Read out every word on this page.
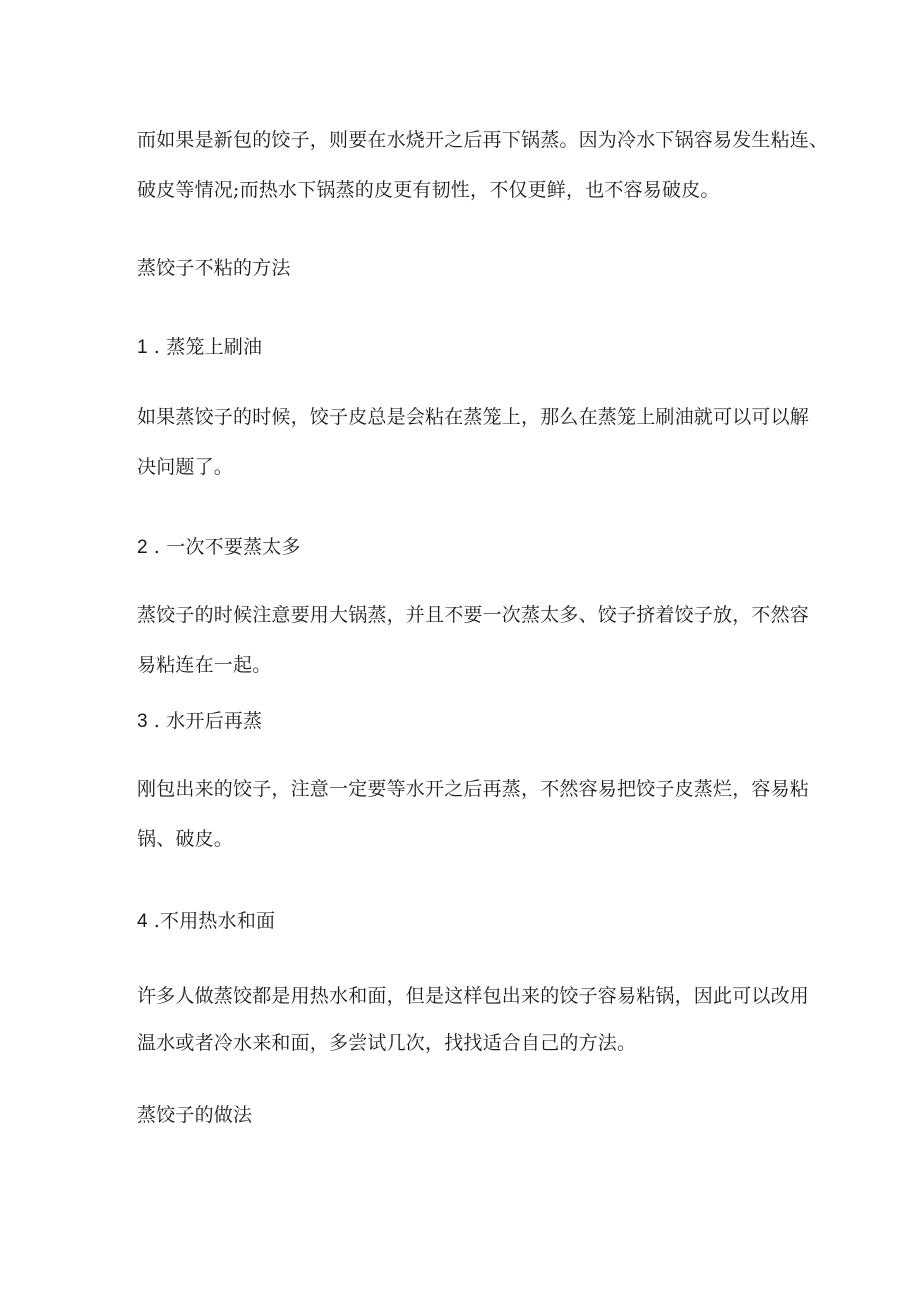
而如果是新包的饺子，则要在水烧开之后再下锅蒸。因为冷水下锅容易发生粘连、
破皮等情况;而热水下锅蒸的皮更有韧性，不仅更鲜，也不容易破皮。
蒸饺子不粘的方法
1 . 蒸笼上刷油
如果蒸饺子的时候，饺子皮总是会粘在蒸笼上，那么在蒸笼上刷油就可以可以解
决问题了。
2 . 一次不要蒸太多
蒸饺子的时候注意要用大锅蒸，并且不要一次蒸太多、饺子挤着饺子放，不然容
易粘连在一起。
3 . 水开后再蒸
刚包出来的饺子，注意一定要等水开之后再蒸，不然容易把饺子皮蒸烂，容易粘
锅、破皮。
4 .不用热水和面
许多人做蒸饺都是用热水和面，但是这样包出来的饺子容易粘锅，因此可以改用
温水或者冷水来和面，多尝试几次，找找适合自己的方法。
蒸饺子的做法
